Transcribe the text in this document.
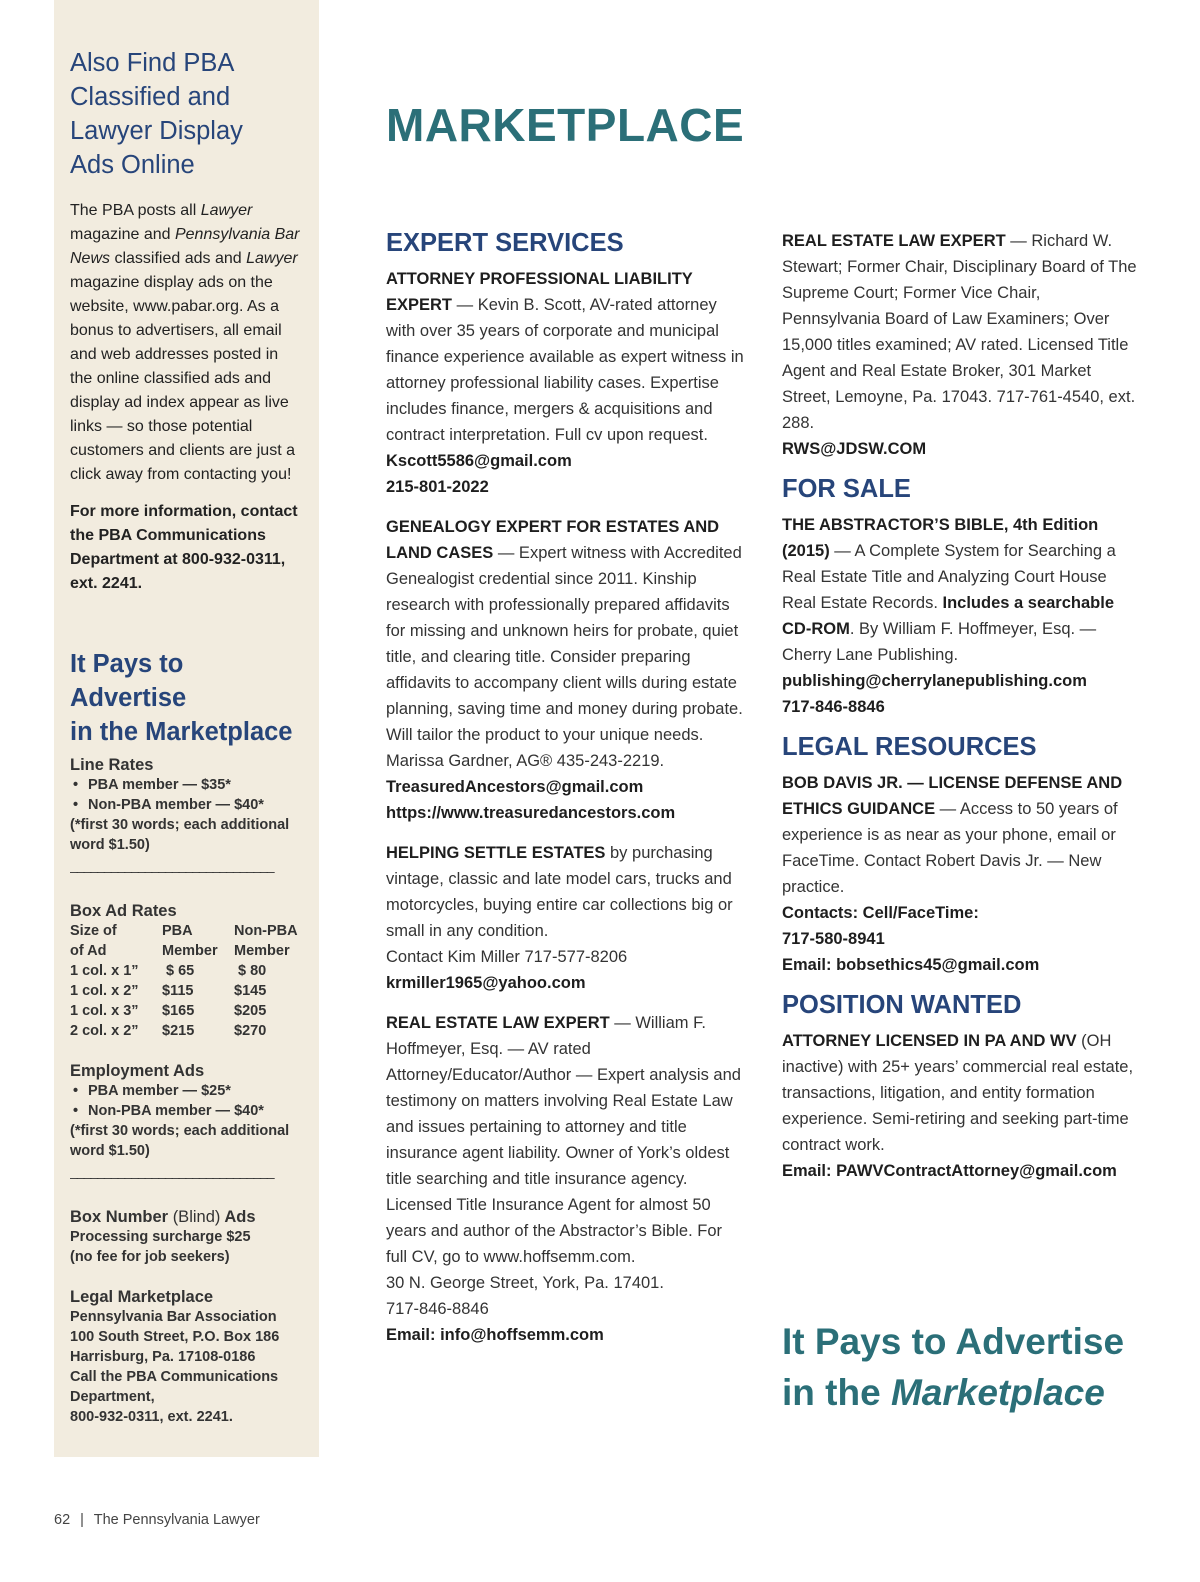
Also Find PBA
Classified and
Lawyer Display
Ads Online

The PBA posts all Lawyer magazine and Pennsylvania Bar News classified ads and Lawyer magazine display ads on the website, www.pabar.org. As a bonus to advertisers, all email and web addresses posted in the online classified ads and display ad index appear as live links — so those potential customers and clients are just a click away from contacting you!

For more information, contact the PBA Communications Department at 800-932-0311, ext. 2241.

It Pays to Advertise
in the Marketplace
Line Rates
• PBA member — $35*
• Non-PBA member — $40*
(*first 30 words; each additional word $1.50)
______________________________
Box Ad Rates
Size of	PBA	Non-PBA
of Ad	Member	Member
1 col. x 1”	$ 65	$ 80
1 col. x 2”	$115	$145
1 col. x 3”	$165	$205
2 col. x 2”	$215	$270
Employment Ads
• PBA member — $25*
• Non-PBA member — $40*
(*first 30 words; each additional word $1.50)
______________________________
Box Number (Blind) Ads
Processing surcharge $25
(no fee for job seekers)
Legal Marketplace
Pennsylvania Bar Association
100 South Street, P.O. Box 186
Harrisburg, Pa. 17108-0186
Call the PBA Communications Department,
800-932-0311, ext. 2241.
MARKETPLACE
EXPERT SERVICES
ATTORNEY PROFESSIONAL LIABILITY EXPERT — Kevin B. Scott, AV-rated attorney with over 35 years of corporate and municipal finance experience available as expert witness in attorney professional liability cases. Expertise includes finance, mergers & acquisitions and contract interpretation. Full cv upon request.
Kscott5586@gmail.com
215-801-2022
GENEALOGY EXPERT FOR ESTATES AND LAND CASES — Expert witness with Accredited Genealogist credential since 2011. Kinship research with professionally prepared affidavits for missing and unknown heirs for probate, quiet title, and clearing title. Consider preparing affidavits to accompany client wills during estate planning, saving time and money during probate. Will tailor the product to your unique needs.
Marissa Gardner, AG® 435-243-2219.
TreasuredAncestors@gmail.com
https://www.treasuredancestors.com
HELPING SETTLE ESTATES by purchasing vintage, classic and late model cars, trucks and motorcycles, buying entire car collections big or small in any condition.
Contact Kim Miller 717-577-8206
krmiller1965@yahoo.com
REAL ESTATE LAW EXPERT — William F. Hoffmeyer, Esq. — AV rated Attorney/Educator/Author — Expert analysis and testimony on matters involving Real Estate Law and issues pertaining to attorney and title insurance agent liability. Owner of York’s oldest title searching and title insurance agency. Licensed Title Insurance Agent for almost 50 years and author of the Abstractor’s Bible. For full CV, go to www.hoffsemm.com.
30 N. George Street, York, Pa. 17401.
717-846-8846
Email: info@hoffsemm.com
REAL ESTATE LAW EXPERT — Richard W. Stewart; Former Chair, Disciplinary Board of The Supreme Court; Former Vice Chair, Pennsylvania Board of Law Examiners; Over 15,000 titles examined; AV rated. Licensed Title Agent and Real Estate Broker, 301 Market Street, Lemoyne, Pa. 17043. 717-761-4540, ext. 288.
RWS@JDSW.COM
FOR SALE
THE ABSTRACTOR’S BIBLE, 4th Edition (2015) — A Complete System for Searching a Real Estate Title and Analyzing Court House Real Estate Records. Includes a searchable CD-ROM. By William F. Hoffmeyer, Esq. — Cherry Lane Publishing.
publishing@cherrylanepublishing.com
717-846-8846
LEGAL RESOURCES
BOB DAVIS JR. — LICENSE DEFENSE AND ETHICS GUIDANCE — Access to 50 years of experience is as near as your phone, email or FaceTime. Contact Robert Davis Jr. — New practice.
Contacts: Cell/FaceTime:
717-580-8941
Email: bobsethics45@gmail.com
POSITION WANTED
ATTORNEY LICENSED IN PA AND WV (OH inactive) with 25+ years’ commercial real estate, transactions, litigation, and entity formation experience. Semi-retiring and seeking part-time contract work.
Email: PAWVContractAttorney@gmail.com
It Pays to Advertise
in the Marketplace
62 | The Pennsylvania Lawyer
